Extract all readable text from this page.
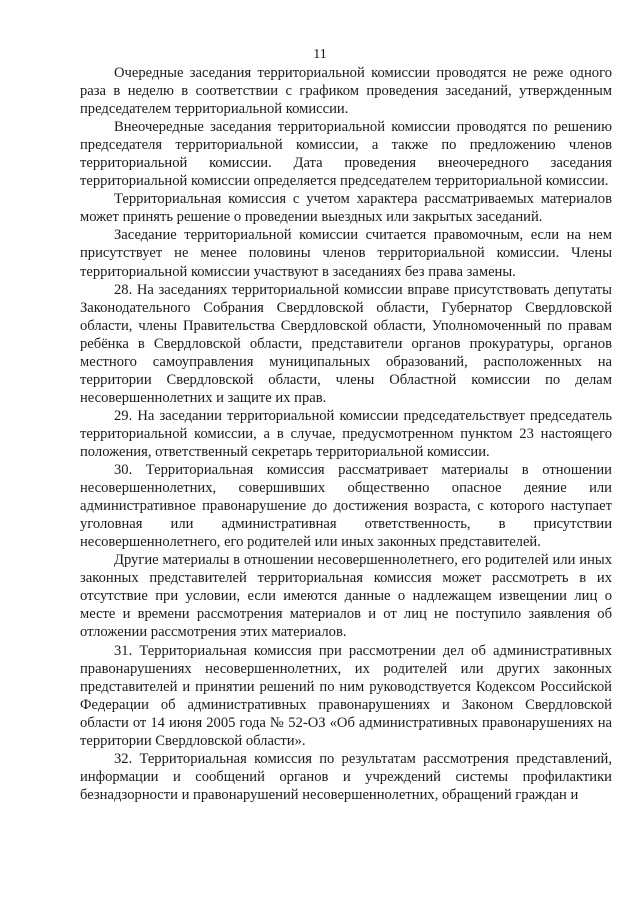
11

Очередные заседания территориальной комиссии проводятся не реже одного раза в неделю в соответствии с графиком проведения заседаний, утвержденным председателем территориальной комиссии.

Внеочередные заседания территориальной комиссии проводятся по решению председателя территориальной комиссии, а также по предложению членов территориальной комиссии. Дата проведения внеочередного заседания территориальной комиссии определяется председателем территориальной комиссии.

Территориальная комиссия с учетом характера рассматриваемых материалов может принять решение о проведении выездных или закрытых заседаний.

Заседание территориальной комиссии считается правомочным, если на нем присутствует не менее половины членов территориальной комиссии. Члены территориальной комиссии участвуют в заседаниях без права замены.

28. На заседаниях территориальной комиссии вправе присутствовать депутаты Законодательного Собрания Свердловской области, Губернатор Свердловской области, члены Правительства Свердловской области, Уполномоченный по правам ребёнка в Свердловской области, представители органов прокуратуры, органов местного самоуправления муниципальных образований, расположенных на территории Свердловской области, члены Областной комиссии по делам несовершеннолетних и защите их прав.

29. На заседании территориальной комиссии председательствует председатель территориальной комиссии, а в случае, предусмотренном пунктом 23 настоящего положения, ответственный секретарь территориальной комиссии.

30. Территориальная комиссия рассматривает материалы в отношении несовершеннолетних, совершивших общественно опасное деяние или административное правонарушение до достижения возраста, с которого наступает уголовная или административная ответственность, в присутствии несовершеннолетнего, его родителей или иных законных представителей.

Другие материалы в отношении несовершеннолетнего, его родителей или иных законных представителей территориальная комиссия может рассмотреть в их отсутствие при условии, если имеются данные о надлежащем извещении лиц о месте и времени рассмотрения материалов и от лиц не поступило заявления об отложении рассмотрения этих материалов.

31. Территориальная комиссия при рассмотрении дел об административных правонарушениях несовершеннолетних, их родителей или других законных представителей и принятии решений по ним руководствуется Кодексом Российской Федерации об административных правонарушениях и Законом Свердловской области от 14 июня 2005 года № 52-ОЗ «Об административных правонарушениях на территории Свердловской области».

32. Территориальная комиссия по результатам рассмотрения представлений, информации и сообщений органов и учреждений системы профилактики безнадзорности и правонарушений несовершеннолетних, обращений граждан и
